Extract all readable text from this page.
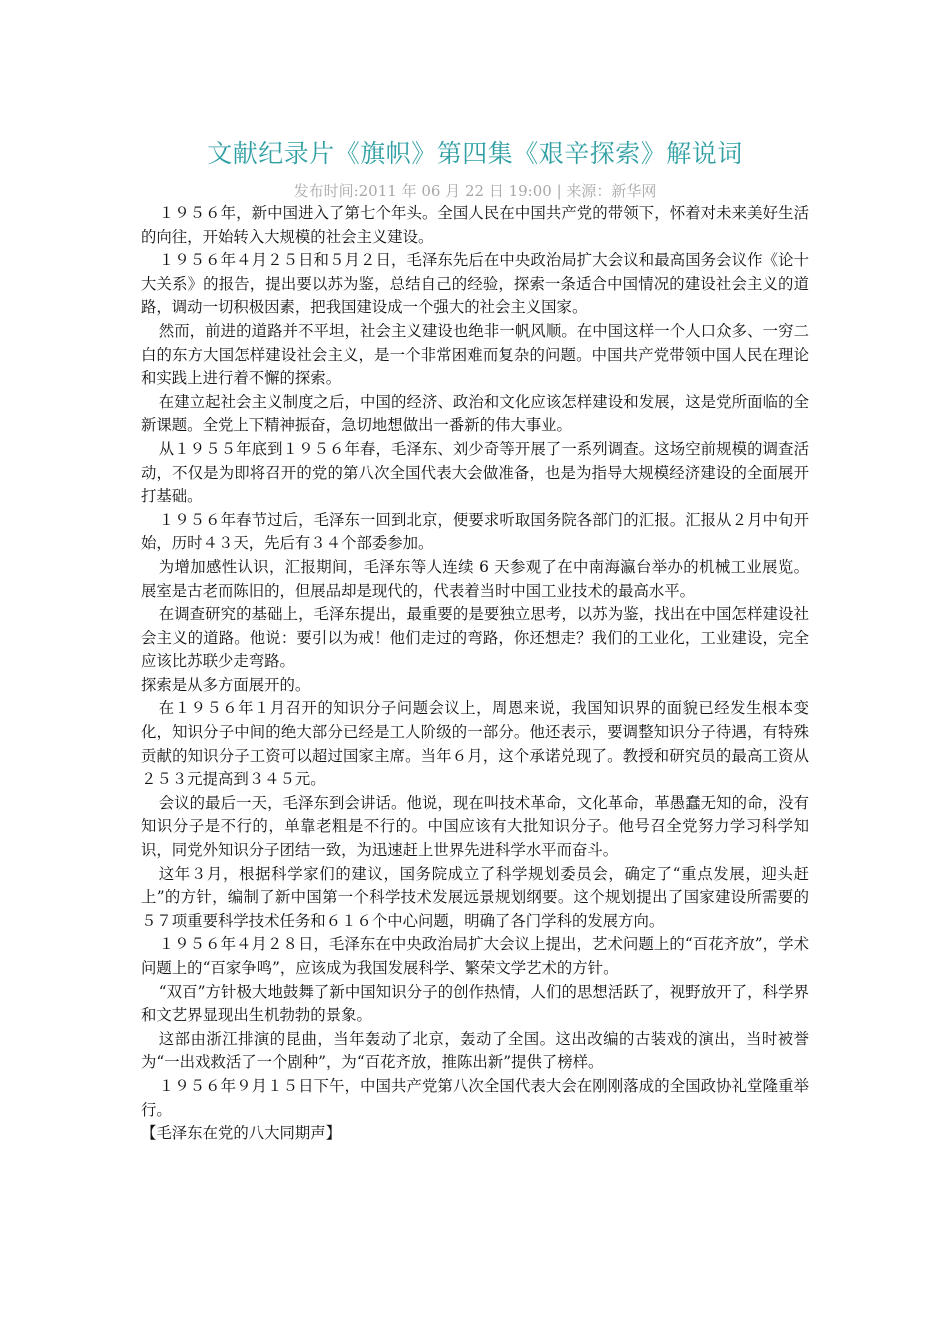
文献纪录片《旗帜》第四集《艰辛探索》解说词
发布时间:2011 年 06 月 22 日 19:00 | 来源：新华网

１９５６年，新中国进入了第七个年头。全国人民在中国共产党的带领下，怀着对未来美好生活的向往，开始转入大规模的社会主义建设。

１９５６年４月２５日和５月２日，毛泽东先后在中央政治局扩大会议和最高国务会议作《论十大关系》的报告，提出要以苏为鉴，总结自己的经验，探索一条适合中国情况的建设社会主义的道路，调动一切积极因素，把我国建设成一个强大的社会主义国家。

然而，前进的道路并不平坦，社会主义建设也绝非一帆风顺。在中国这样一个人口众多、一穷二白的东方大国怎样建设社会主义，是一个非常困难而复杂的问题。中国共产党带领中国人民在理论和实践上进行着不懈的探索。

在建立起社会主义制度之后，中国的经济、政治和文化应该怎样建设和发展，这是党所面临的全新课题。全党上下精神振奋，急切地想做出一番新的伟大事业。

从１９５５年底到１９５６年春，毛泽东、刘少奇等开展了一系列调查。这场空前规模的调查活动，不仅是为即将召开的党的第八次全国代表大会做准备，也是为指导大规模经济建设的全面展开打基础。

１９５６年春节过后，毛泽东一回到北京，便要求听取国务院各部门的汇报。汇报从２月中旬开始，历时４３天，先后有３４个部委参加。

为增加感性认识，汇报期间，毛泽东等人连续 6 天参观了在中南海瀛台举办的机械工业展览。展室是古老而陈旧的，但展品却是现代的，代表着当时中国工业技术的最高水平。

在调查研究的基础上，毛泽东提出，最重要的是要独立思考，以苏为鉴，找出在中国怎样建设社会主义的道路。他说：要引以为戒！他们走过的弯路，你还想走？我们的工业化，工业建设，完全应该比苏联少走弯路。

探索是从多方面展开的。

在１９５６年１月召开的知识分子问题会议上，周恩来说，我国知识界的面貌已经发生根本变化，知识分子中间的绝大部分已经是工人阶级的一部分。他还表示，要调整知识分子待遇，有特殊贡献的知识分子工资可以超过国家主席。当年６月，这个承诺兑现了。教授和研究员的最高工资从２５３元提高到３４５元。

会议的最后一天，毛泽东到会讲话。他说，现在叫技术革命，文化革命，革愚蠢无知的命，没有知识分子是不行的，单靠老粗是不行的。中国应该有大批知识分子。他号召全党努力学习科学知识，同党外知识分子团结一致，为迅速赶上世界先进科学水平而奋斗。

这年３月，根据科学家们的建议，国务院成立了科学规划委员会，确定了“重点发展，迎头赶上”的方针，编制了新中国第一个科学技术发展远景规划纲要。这个规划提出了国家建设所需要的５７项重要科学技术任务和６１６个中心问题，明确了各门学科的发展方向。

１９５６年４月２８日，毛泽东在中央政治局扩大会议上提出，艺术问题上的“百花齐放”，学术问题上的“百家争鸣”，应该成为我国发展科学、繁荣文学艺术的方针。

“双百”方针极大地鼓舞了新中国知识分子的创作热情，人们的思想活跃了，视野放开了，科学界和文艺界显现出生机勃勃的景象。

这部由浙江排演的昆曲，当年轰动了北京，轰动了全国。这出改编的古装戏的演出，当时被誉为“一出戏救活了一个剧种”，为“百花齐放，推陈出新”提供了榜样。

１９５６年９月１５日下午，中国共产党第八次全国代表大会在刚刚落成的全国政协礼堂隆重举行。

【毛泽东在党的八大同期声】
